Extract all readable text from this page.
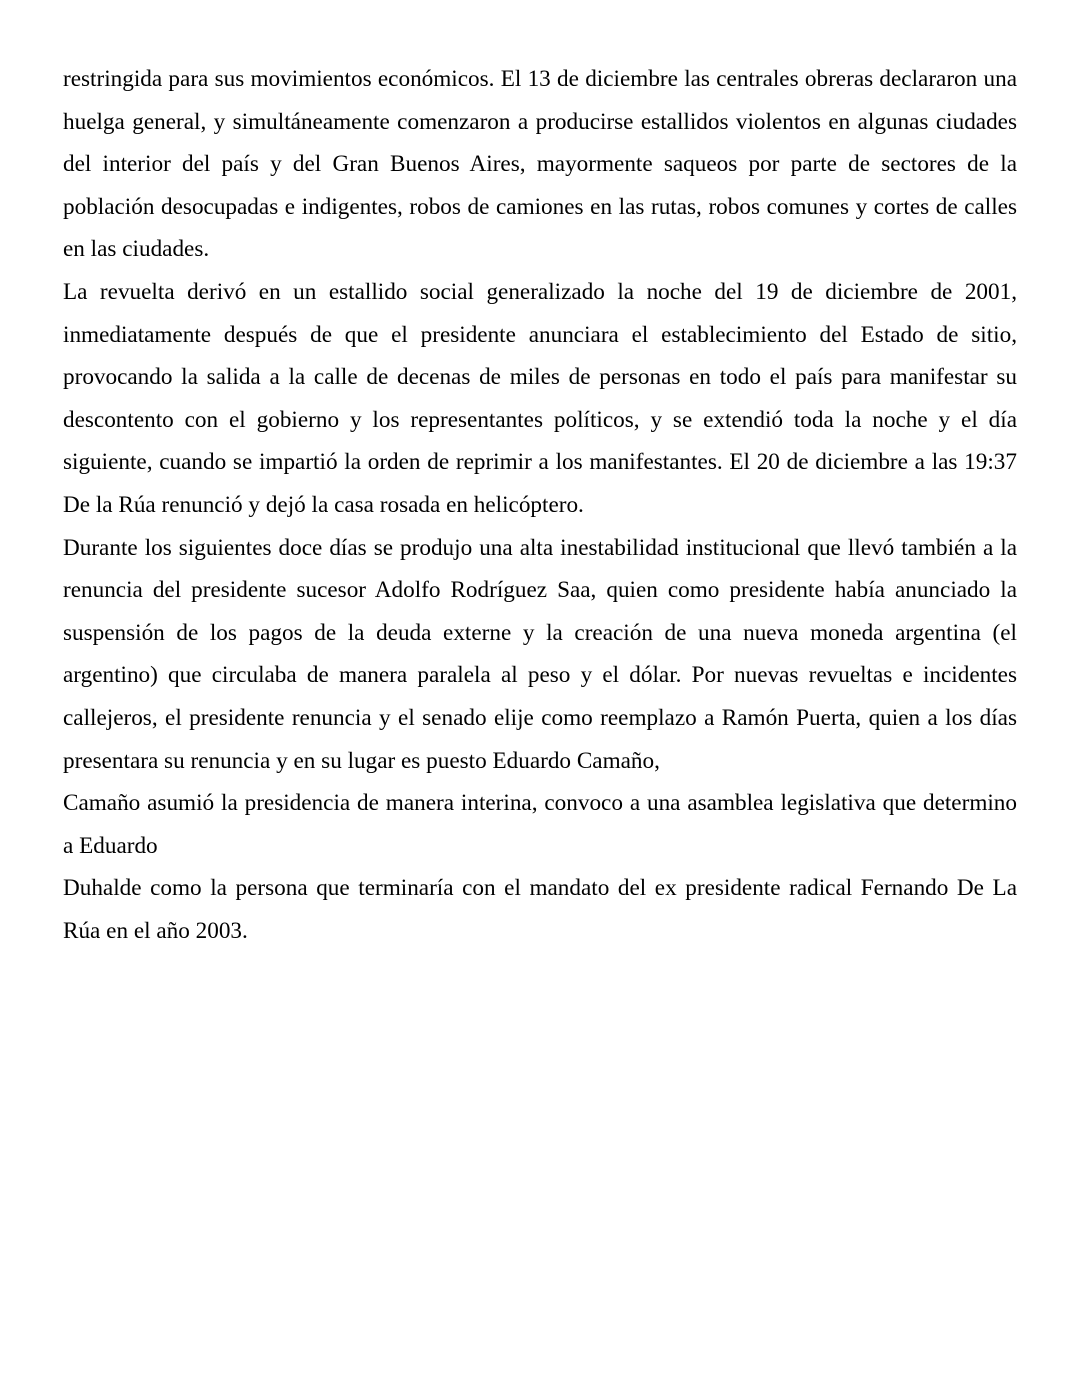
restringida para sus movimientos económicos. El 13 de diciembre las centrales obreras declararon una huelga general, y simultáneamente comenzaron a producirse estallidos violentos en algunas ciudades del interior del país y del Gran Buenos Aires, mayormente saqueos por parte de sectores de la población desocupadas e indigentes, robos de camiones en las rutas, robos comunes y cortes de calles en las ciudades.

La revuelta derivó en un estallido social generalizado la noche del 19 de diciembre de 2001, inmediatamente después de que el presidente anunciara el establecimiento del Estado de sitio, provocando la salida a la calle de decenas de miles de personas en todo el país para manifestar su descontento con el gobierno y los representantes políticos, y se extendió toda la noche y el día siguiente, cuando se impartió la orden de reprimir a los manifestantes. El 20 de diciembre a las 19:37 De la Rúa renunció y dejó la casa rosada en helicóptero.

Durante los siguientes doce días se produjo una alta inestabilidad institucional que llevó también a la renuncia del presidente sucesor Adolfo Rodríguez Saa, quien como presidente había anunciado la suspensión de los pagos de la deuda externe y la creación de una nueva moneda argentina (el argentino) que circulaba de manera paralela al peso y el dólar. Por nuevas revueltas e incidentes callejeros, el presidente renuncia y el senado elije como reemplazo a Ramón Puerta, quien a los días presentara su renuncia y en su lugar es puesto Eduardo Camaño,

Camaño asumió la presidencia de manera interina, convoco a una asamblea legislativa que determino a Eduardo

Duhalde como la persona que terminaría con el mandato del ex presidente radical Fernando De La Rúa en el año 2003.
